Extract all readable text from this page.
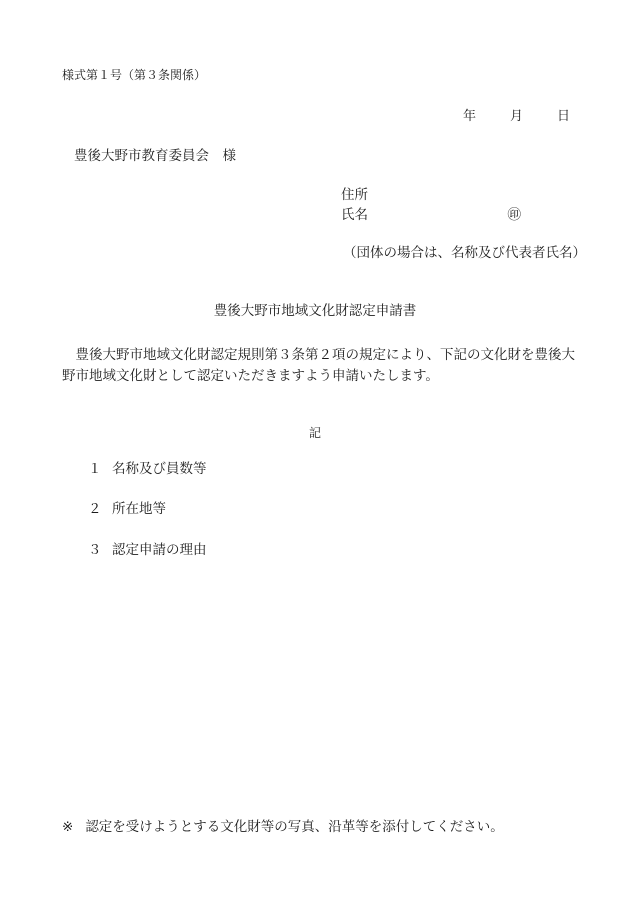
様式第１号（第３条関係）
年	月	日
豊後大野市教育委員会　様
住所
氏名	㊞
（団体の場合は、名称及び代表者氏名）
豊後大野市地域文化財認定申請書
豊後大野市地域文化財認定規則第３条第２項の規定により、下記の文化財を豊後大野市地域文化財として認定いただきますよう申請いたします。
記
１ 名称及び員数等
２ 所在地等
３ 認定申請の理由
※ 認定を受けようとする文化財等の写真、沿革等を添付してください。
